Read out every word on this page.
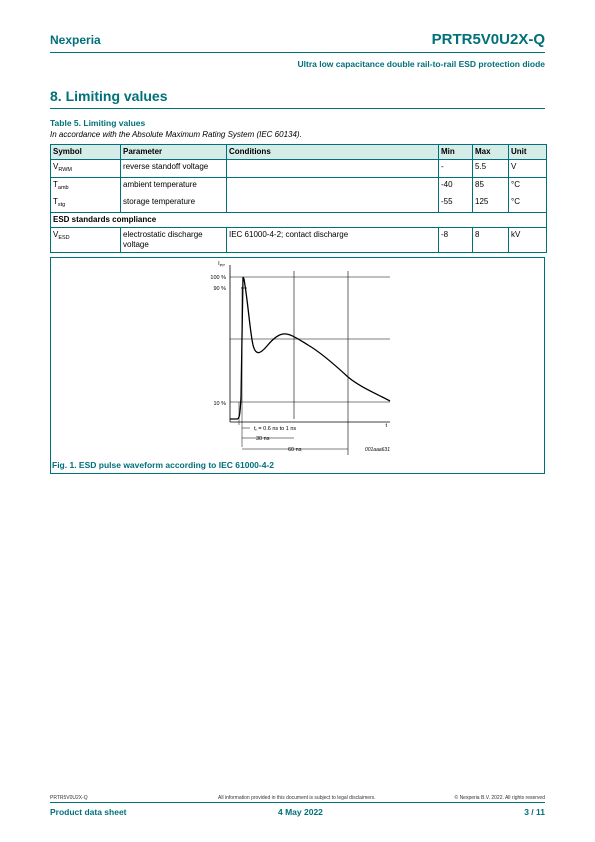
Nexperia	PRTR5V0U2X-Q
Ultra low capacitance double rail-to-rail ESD protection diode
8. Limiting values
Table 5. Limiting values
In accordance with the Absolute Maximum Rating System (IEC 60134).
Symbol	Parameter	Conditions	Min	Max	Unit
$V_{RWM}$	reverse standoff voltage		-	5.5	V
$T_{amb}$	ambient temperature		-40	85	°C
$T_{stg}$	storage temperature		-55	125	°C
ESD standards compliance					
$V_{ESD}$	electrostatic discharge voltage	IEC 61000-4-2; contact discharge	-8	8	kV
$I_{PP}$
100 %
90 %
10 %
t
tr = 0.6 ns to 1 ns
30 ns
60 ns	001aaa631
Fig. 1. ESD pulse waveform according to IEC 61000-4-2
PRTR5V0U2X-Q	All information provided in this document is subject to legal disclaimers.	© Nexperia B.V. 2022. All rights reserved
Product data sheet	4 May 2022	3 / 11
